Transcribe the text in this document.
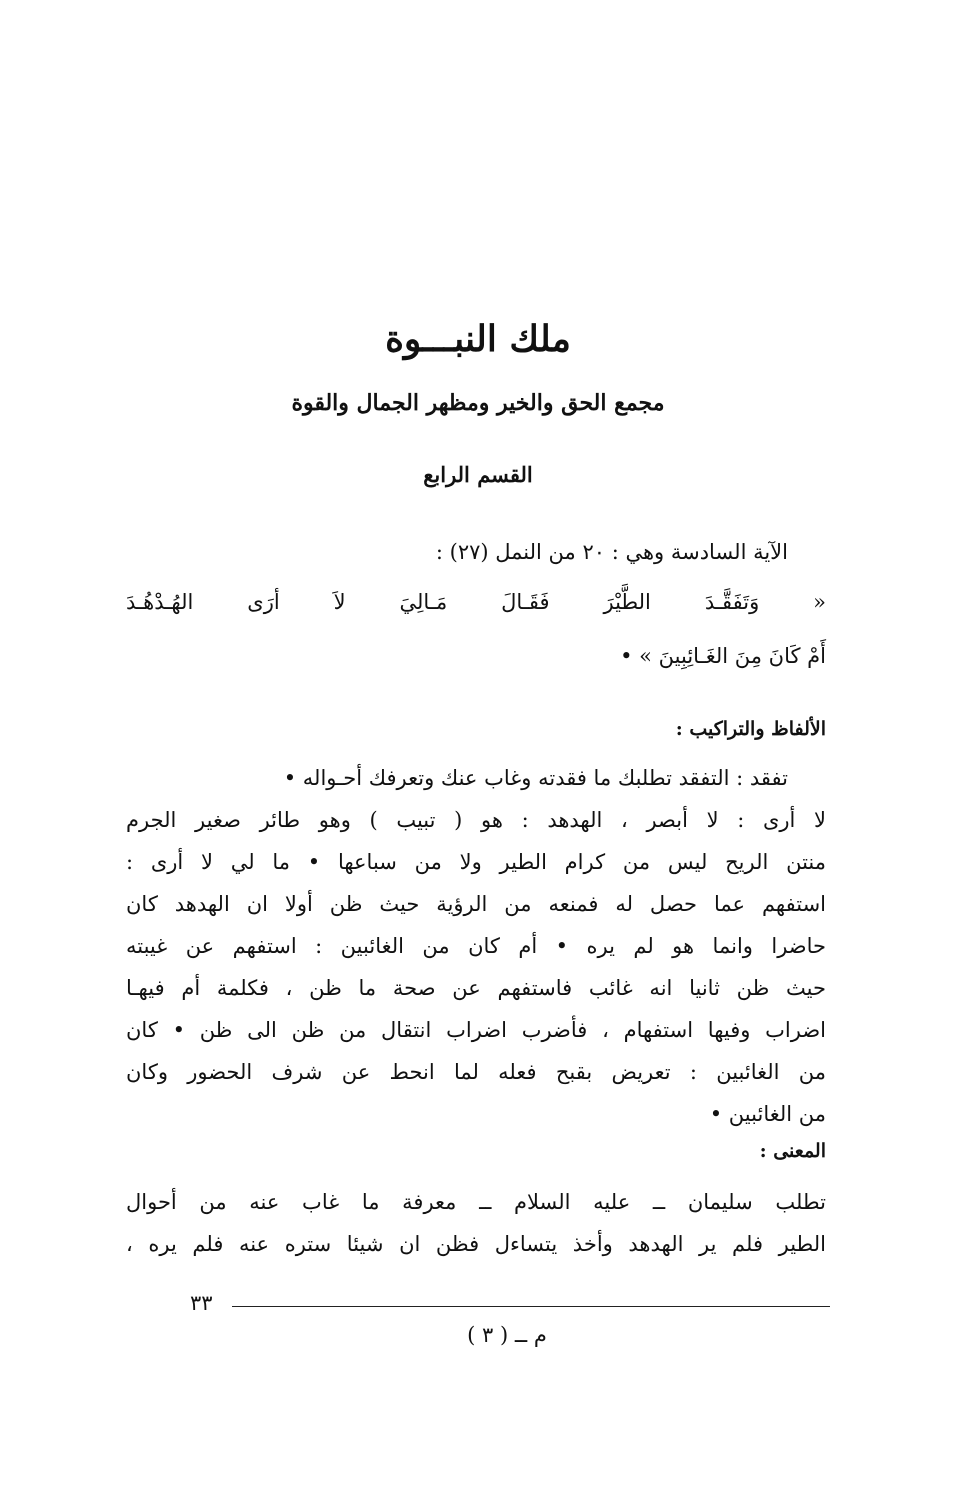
ملك النبـــوة
مجمع الحق والخير ومظهر الجمال والقوة
القسم الرابع
الآية السادسة وهي : ٢٠ من النمل (٢٧) :
« وَتَفَقَّـدَ الطَّيْرَ فَقَـالَ مَـالِيَ لاَ أرَى الهُـدْهُـدَ
أَمْ كَانَ مِنَ الغَـائِبِينَ » •
الألفاظ والتراكيب :
تفقد : التفقد تطلبك ما فقدته وغاب عنك وتعرفك أحـواله •
لا أرى : لا أبصر ، الهدهد : هو ( تبيب ) وهو طائر صغير الجرم
منتن الريح ليس من كرام الطير ولا من سباعها • ما لي لا أرى :
استفهم عما حصل له فمنعه من الرؤية حيث ظن أولا ان الهدهد كان
حاضرا وانما هو لم يره • أم كان من الغائبين : استفهم عن غيبته
حيث ظن ثانيا انه غائب فاستفهم عن صحة ما ظن ، فكلمة أم فيهـا
اضراب وفيها استفهام ، فأضرب اضراب انتقال من ظن الى ظن • كان
من الغائبين : تعريض بقبح فعله لما انحط عن شرف الحضور وكان
من الغائبين •
المعنى :
تطلب سليمان ــ عليه السلام ــ معرفة ما غاب عنه من أحوال
الطير فلم ير الهدهد وأخذ يتساءل فظن ان شيئا ستره عنه فلم يره ،
٣٣
م ــ ( ٣ )
